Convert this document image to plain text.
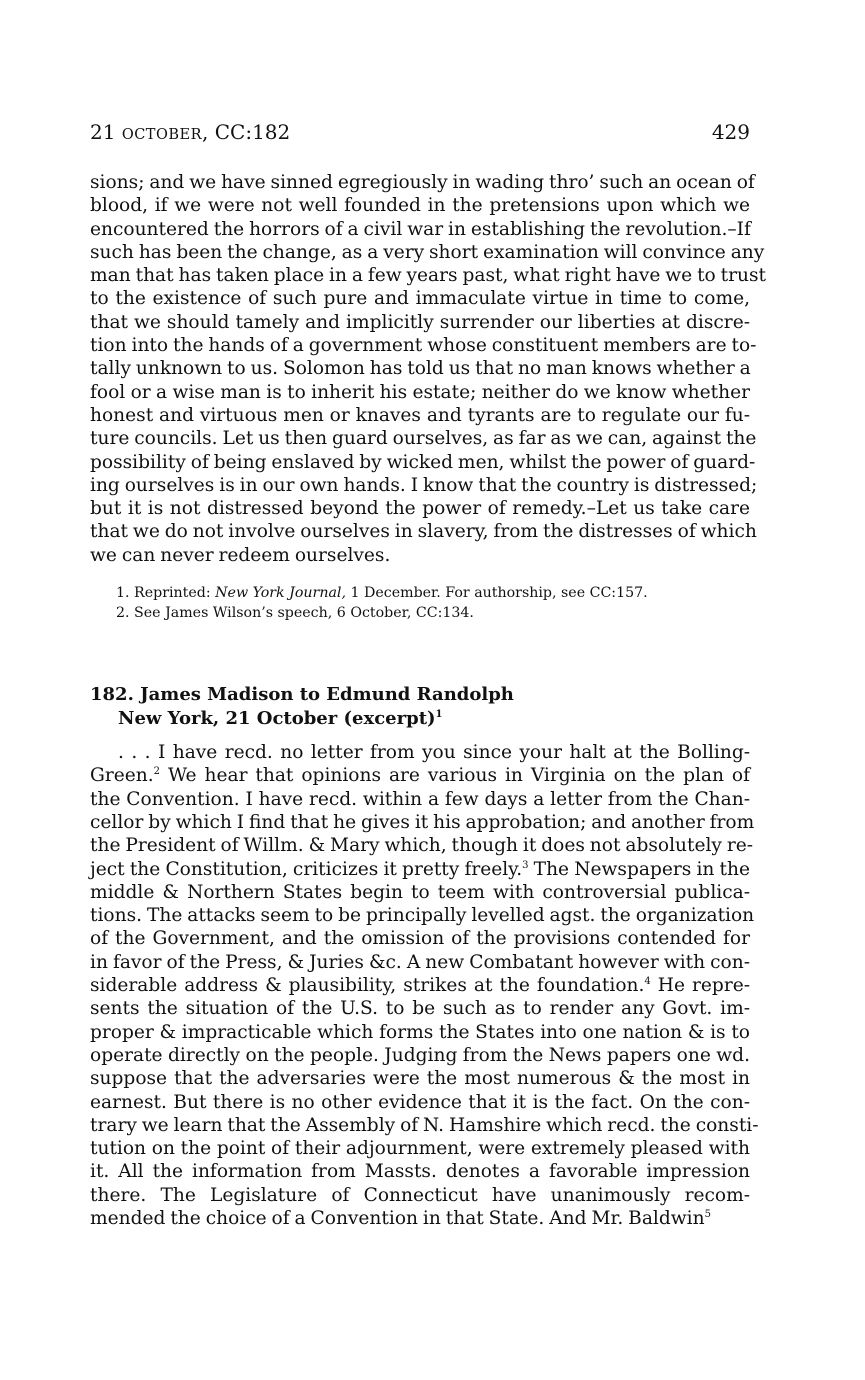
21 OCTOBER, CC:182	429
sions; and we have sinned egregiously in wading thro’ such an ocean of
blood, if we were not well founded in the pretensions upon which we
encountered the horrors of a civil war in establishing the revolution.–If
such has been the change, as a very short examination will convince any
man that has taken place in a few years past, what right have we to trust
to the existence of such pure and immaculate virtue in time to come,
that we should tamely and implicitly surrender our liberties at discre-
tion into the hands of a government whose constituent members are to-
tally unknown to us. Solomon has told us that no man knows whether a
fool or a wise man is to inherit his estate; neither do we know whether
honest and virtuous men or knaves and tyrants are to regulate our fu-
ture councils. Let us then guard ourselves, as far as we can, against the
possibility of being enslaved by wicked men, whilst the power of guard-
ing ourselves is in our own hands. I know that the country is distressed;
but it is not distressed beyond the power of remedy.–Let us take care
that we do not involve ourselves in slavery, from the distresses of which
we can never redeem ourselves.
1. Reprinted: New York Journal, 1 December. For authorship, see CC:157.
2. See James Wilson’s speech, 6 October, CC:134.
182. James Madison to Edmund Randolph
New York, 21 October (excerpt)$^1$
. . . I have recd. no letter from you since your halt at the Bolling-
Green.$^2$ We hear that opinions are various in Virginia on the plan of
the Convention. I have recd. within a few days a letter from the Chan-
cellor by which I find that he gives it his approbation; and another from
the President of Willm. & Mary which, though it does not absolutely re-
ject the Constitution, criticizes it pretty freely.$^3$ The Newspapers in the
middle & Northern States begin to teem with controversial publica-
tions. The attacks seem to be principally levelled agst. the organization
of the Government, and the omission of the provisions contended for
in favor of the Press, & Juries &c. A new Combatant however with con-
siderable address & plausibility, strikes at the foundation.$^4$ He repre-
sents the situation of the U.S. to be such as to render any Govt. im-
proper & impracticable which forms the States into one nation & is to
operate directly on the people. Judging from the News papers one wd.
suppose that the adversaries were the most numerous & the most in
earnest. But there is no other evidence that it is the fact. On the con-
trary we learn that the Assembly of N. Hamshire which recd. the consti-
tution on the point of their adjournment, were extremely pleased with
it. All the information from Massts. denotes a favorable impression
there. The Legislature of Connecticut have unanimously recom-
mended the choice of a Convention in that State. And Mr. Baldwin$^5$
